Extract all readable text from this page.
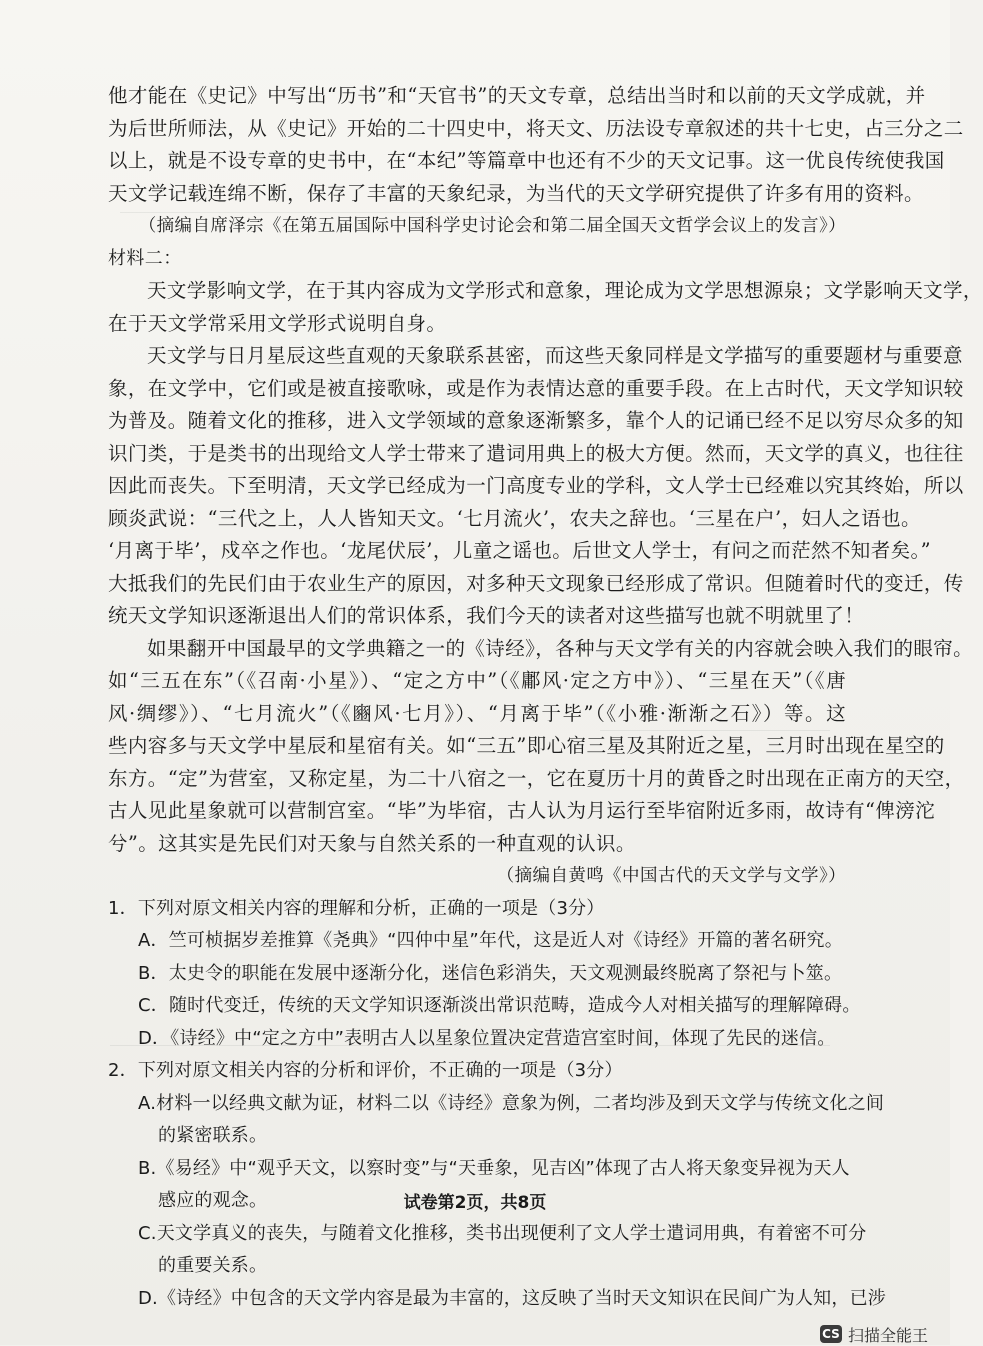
他才能在《史记》中写出“历书”和“天官书”的天文专章，总结出当时和以前的天文学成就，并
为后世所师法，从《史记》开始的二十四史中，将天文、历法设专章叙述的共十七史，占三分之二
以上，就是不设专章的史书中，在“本纪”等篇章中也还有不少的天文记事。这一优良传统使我国
天文学记载连绵不断，保存了丰富的天象纪录，为当代的天文学研究提供了许多有用的资料。
（摘编自席泽宗《在第五届国际中国科学史讨论会和第二届全国天文哲学会议上的发言》）
材料二：
天文学影响文学，在于其内容成为文学形式和意象，理论成为文学思想源泉；文学影响天文学，
在于天文学常采用文学形式说明自身。
天文学与日月星辰这些直观的天象联系甚密，而这些天象同样是文学描写的重要题材与重要意
象，在文学中，它们或是被直接歌咏，或是作为表情达意的重要手段。在上古时代，天文学知识较
为普及。随着文化的推移，进入文学领域的意象逐渐繁多，靠个人的记诵已经不足以穷尽众多的知
识门类，于是类书的出现给文人学士带来了遣词用典上的极大方便。然而，天文学的真义，也往往
因此而丧失。下至明清，天文学已经成为一门高度专业的学科，文人学士已经难以究其终始，所以
顾炎武说：“三代之上，人人皆知天文。‘七月流火’，农夫之辞也。‘三星在户’，妇人之语也。
‘月离于毕’，戍卒之作也。‘龙尾伏辰’，儿童之谣也。后世文人学士，有问之而茫然不知者矣。”
大抵我们的先民们由于农业生产的原因，对多种天文现象已经形成了常识。但随着时代的变迁，传
统天文学知识逐渐退出人们的常识体系，我们今天的读者对这些描写也就不明就里了！
如果翻开中国最早的文学典籍之一的《诗经》，各种与天文学有关的内容就会映入我们的眼帘。
如“三五在东”（《召南·小星》）、“定之方中”（《鄘风·定之方中》）、“三星在天”（《唐
风·绸缪》）、“七月流火”（《豳风·七月》）、“月离于毕”（《小雅·渐渐之石》）等。这
些内容多与天文学中星辰和星宿有关。如“三五”即心宿三星及其附近之星，三月时出现在星空的
东方。“定”为营室，又称定星，为二十八宿之一，它在夏历十月的黄昏之时出现在正南方的天空，
古人见此星象就可以营制宫室。“毕”为毕宿，古人认为月运行至毕宿附近多雨，故诗有“俾滂沱
兮”。这其实是先民们对天象与自然关系的一种直观的认识。
（摘编自黄鸣《中国古代的天文学与文学》）
1．下列对原文相关内容的理解和分析，正确的一项是（3分）
A．竺可桢据岁差推算《尧典》“四仲中星”年代，这是近人对《诗经》开篇的著名研究。
B．太史令的职能在发展中逐渐分化，迷信色彩消失，天文观测最终脱离了祭祀与卜筮。
C．随时代变迁，传统的天文学知识逐渐淡出常识范畴，造成今人对相关描写的理解障碍。
D．《诗经》中“定之方中”表明古人以星象位置决定营造宫室时间，体现了先民的迷信。
2．下列对原文相关内容的分析和评价，不正确的一项是（3分）
A.材料一以经典文献为证，材料二以《诗经》意象为例，二者均涉及到天文学与传统文化之间
的紧密联系。
B.《易经》中“观乎天文，以察时变”与“天垂象，见吉凶”体现了古人将天象变异视为天人
感应的观念。
C.天文学真义的丧失，与随着文化推移，类书出现便利了文人学士遣词用典，有着密不可分
的重要关系。
D.《诗经》中包含的天文学内容是最为丰富的，这反映了当时天文知识在民间广为人知，已涉
试卷第2页，共8页
CS 扫描全能王
